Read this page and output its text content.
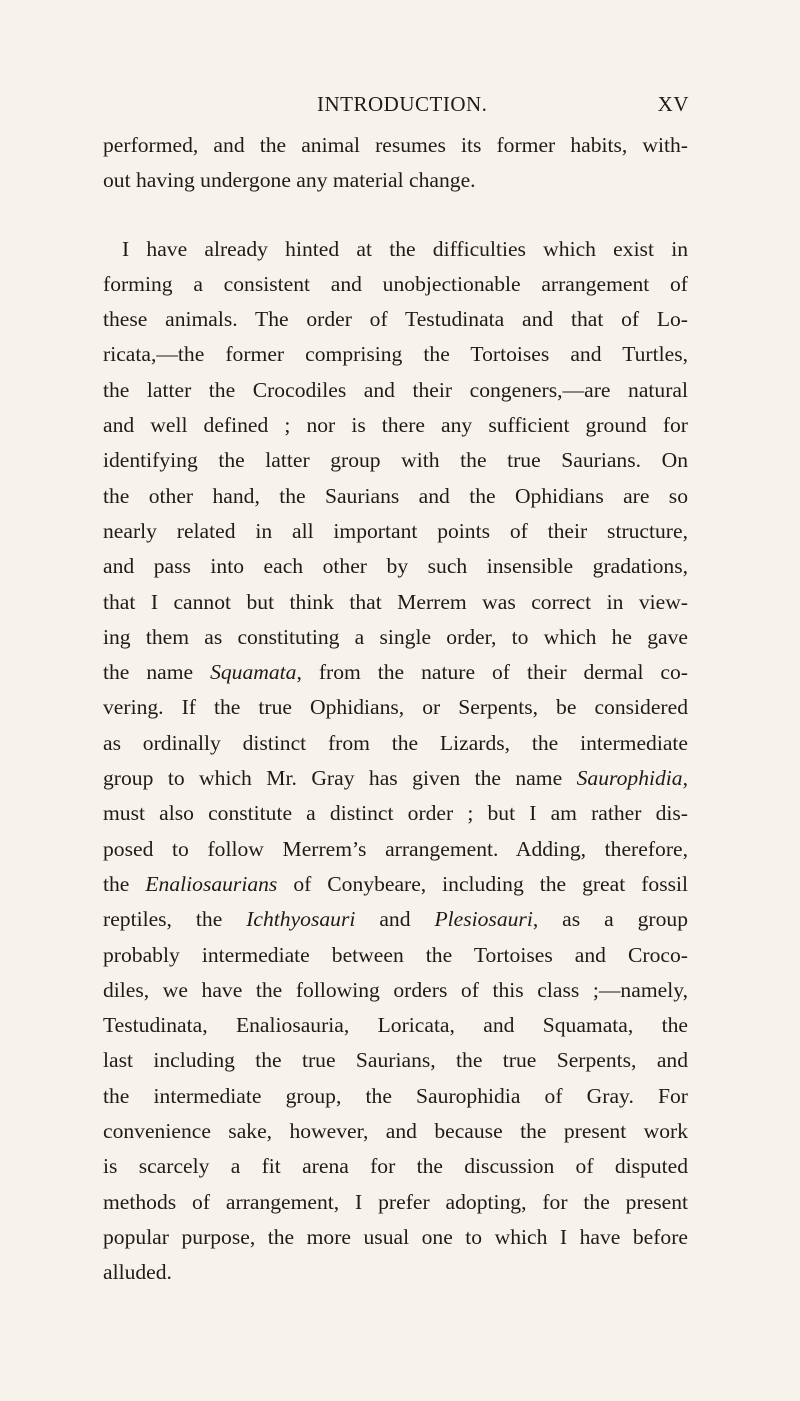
INTRODUCTION.	XV
performed, and the animal resumes its former habits, with-
out having undergone any material change.
I have already hinted at the difficulties which exist in
forming a consistent and unobjectionable arrangement of
these animals. The order of Testudinata and that of Lo-
ricata,—the former comprising the Tortoises and Turtles,
the latter the Crocodiles and their congeners,—are natural
and well defined ; nor is there any sufficient ground for
identifying the latter group with the true Saurians. On
the other hand, the Saurians and the Ophidians are so
nearly related in all important points of their structure,
and pass into each other by such insensible gradations,
that I cannot but think that Merrem was correct in view-
ing them as constituting a single order, to which he gave
the name Squamata, from the nature of their dermal co-
vering. If the true Ophidians, or Serpents, be considered
as ordinally distinct from the Lizards, the intermediate
group to which Mr. Gray has given the name Saurophidia,
must also constitute a distinct order ; but I am rather dis-
posed to follow Merrem’s arrangement. Adding, therefore,
the Enaliosaurians of Conybeare, including the great fossil
reptiles, the Ichthyosauri and Plesiosauri, as a group
probably intermediate between the Tortoises and Croco-
diles, we have the following orders of this class ;—namely,
Testudinata, Enaliosauria, Loricata, and Squamata, the
last including the true Saurians, the true Serpents, and
the intermediate group, the Saurophidia of Gray. For
convenience sake, however, and because the present work
is scarcely a fit arena for the discussion of disputed
methods of arrangement, I prefer adopting, for the present
popular purpose, the more usual one to which I have before
alluded.
